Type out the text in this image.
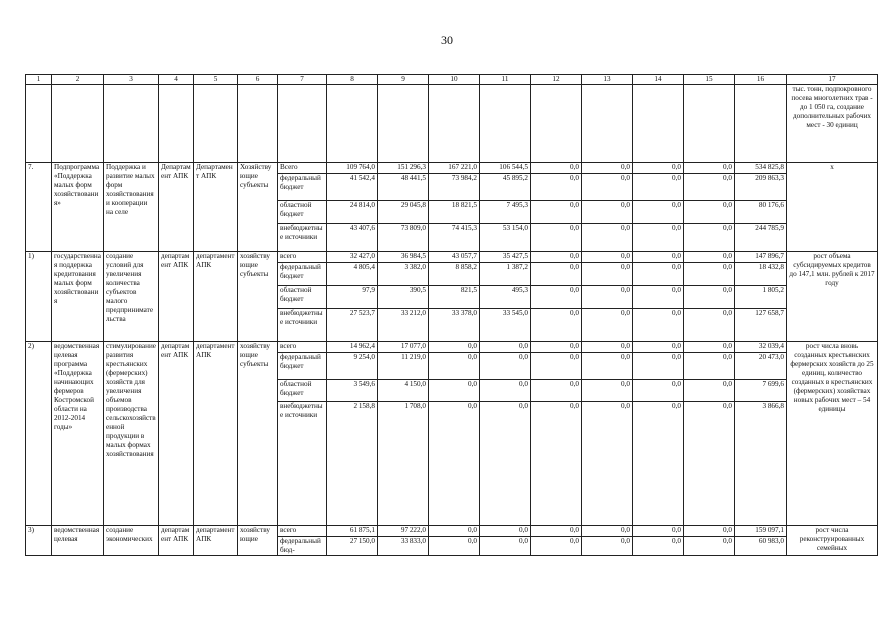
30
1	2	3	4	5	6	7	8	9	10	11	12	13	14	15	16	17
																тыс. тонн, подпокровного посева многолетних трав - до 1 050 га, создание дополнительных рабочих мест - 30 единиц
7.	Подпрограмма «Поддержка малых форм хозяйствования»	Поддержка и развитие малых форм хозяйствования и кооперации на селе	Департамент АПК	Департамент АПК	Хозяйствующие субъекты	Всего	109 764,0	151 296,3	167 221,0	106 544,5	0,0	0,0	0,0	0,0	534 825,8	х
						федеральный бюджет	41 542,4	48 441,5	73 984,2	45 895,2	0,0	0,0	0,0	0,0	209 863,3	
						областной бюджет	24 814,0	29 045,8	18 821,5	7 495,3	0,0	0,0	0,0	0,0	80 176,6	
						внебюджетные источники	43 407,6	73 809,0	74 415,3	53 154,0	0,0	0,0	0,0	0,0	244 785,9	
1)	государственная поддержка кредитования малых форм хозяйствования	создание условий для увеличения количества субъектов малого предпринимательства	департамент АПК	департамент АПК	хозяйствующие субъекты	всего	32 427,0	36 984,5	43 057,7	35 427,5	0,0	0,0	0,0	0,0	147 896,7	рост объема субсидируемых кредитов до 147,1 млн. рублей к 2017 году
						федеральный бюджет	4 805,4	3 382,0	8 858,2	1 387,2	0,0	0,0	0,0	0,0	18 432,8	
						областной бюджет	97,9	390,5	821,5	495,3	0,0	0,0	0,0	0,0	1 805,2	
						внебюджетные источники	27 523,7	33 212,0	33 378,0	33 545,0	0,0	0,0	0,0	0,0	127 658,7	
2)	ведомственная целевая программа «Поддержка начинающих фермеров Костромской области на 2012-2014 годы»	стимулирование развития крестьянских (фермерских) хозяйств для увеличения объемов производства сельскохозяйственной продукции в малых формах хозяйствования	департамент АПК	департамент АПК	хозяйствующие субъекты	всего	14 962,4	17 077,0	0,0	0,0	0,0	0,0	0,0	0,0	32 039,4	рост числа вновь созданных крестьянских фермерских хозяйств до 25 единиц, количество созданных в крестьянских (фермерских) хозяйствах новых рабочих мест – 54 единицы
						федеральный бюджет	9 254,0	11 219,0	0,0	0,0	0,0	0,0	0,0	0,0	20 473,0	
						областной бюджет	3 549,6	4 150,0	0,0	0,0	0,0	0,0	0,0	0,0	7 699,6	
						внебюджетные источники	2 158,8	1 708,0	0,0	0,0	0,0	0,0	0,0	0,0	3 866,8	
3)	ведомственная целевая	создание экономических	департамент АПК	департамент АПК	хозяйствующие	всего	61 875,1	97 222,0	0,0	0,0	0,0	0,0	0,0	0,0	159 097,1	рост числа реконструированных семейных
						федеральный бюд-	27 150,0	33 833,0	0,0	0,0	0,0	0,0	0,0	0,0	60 983,0	
